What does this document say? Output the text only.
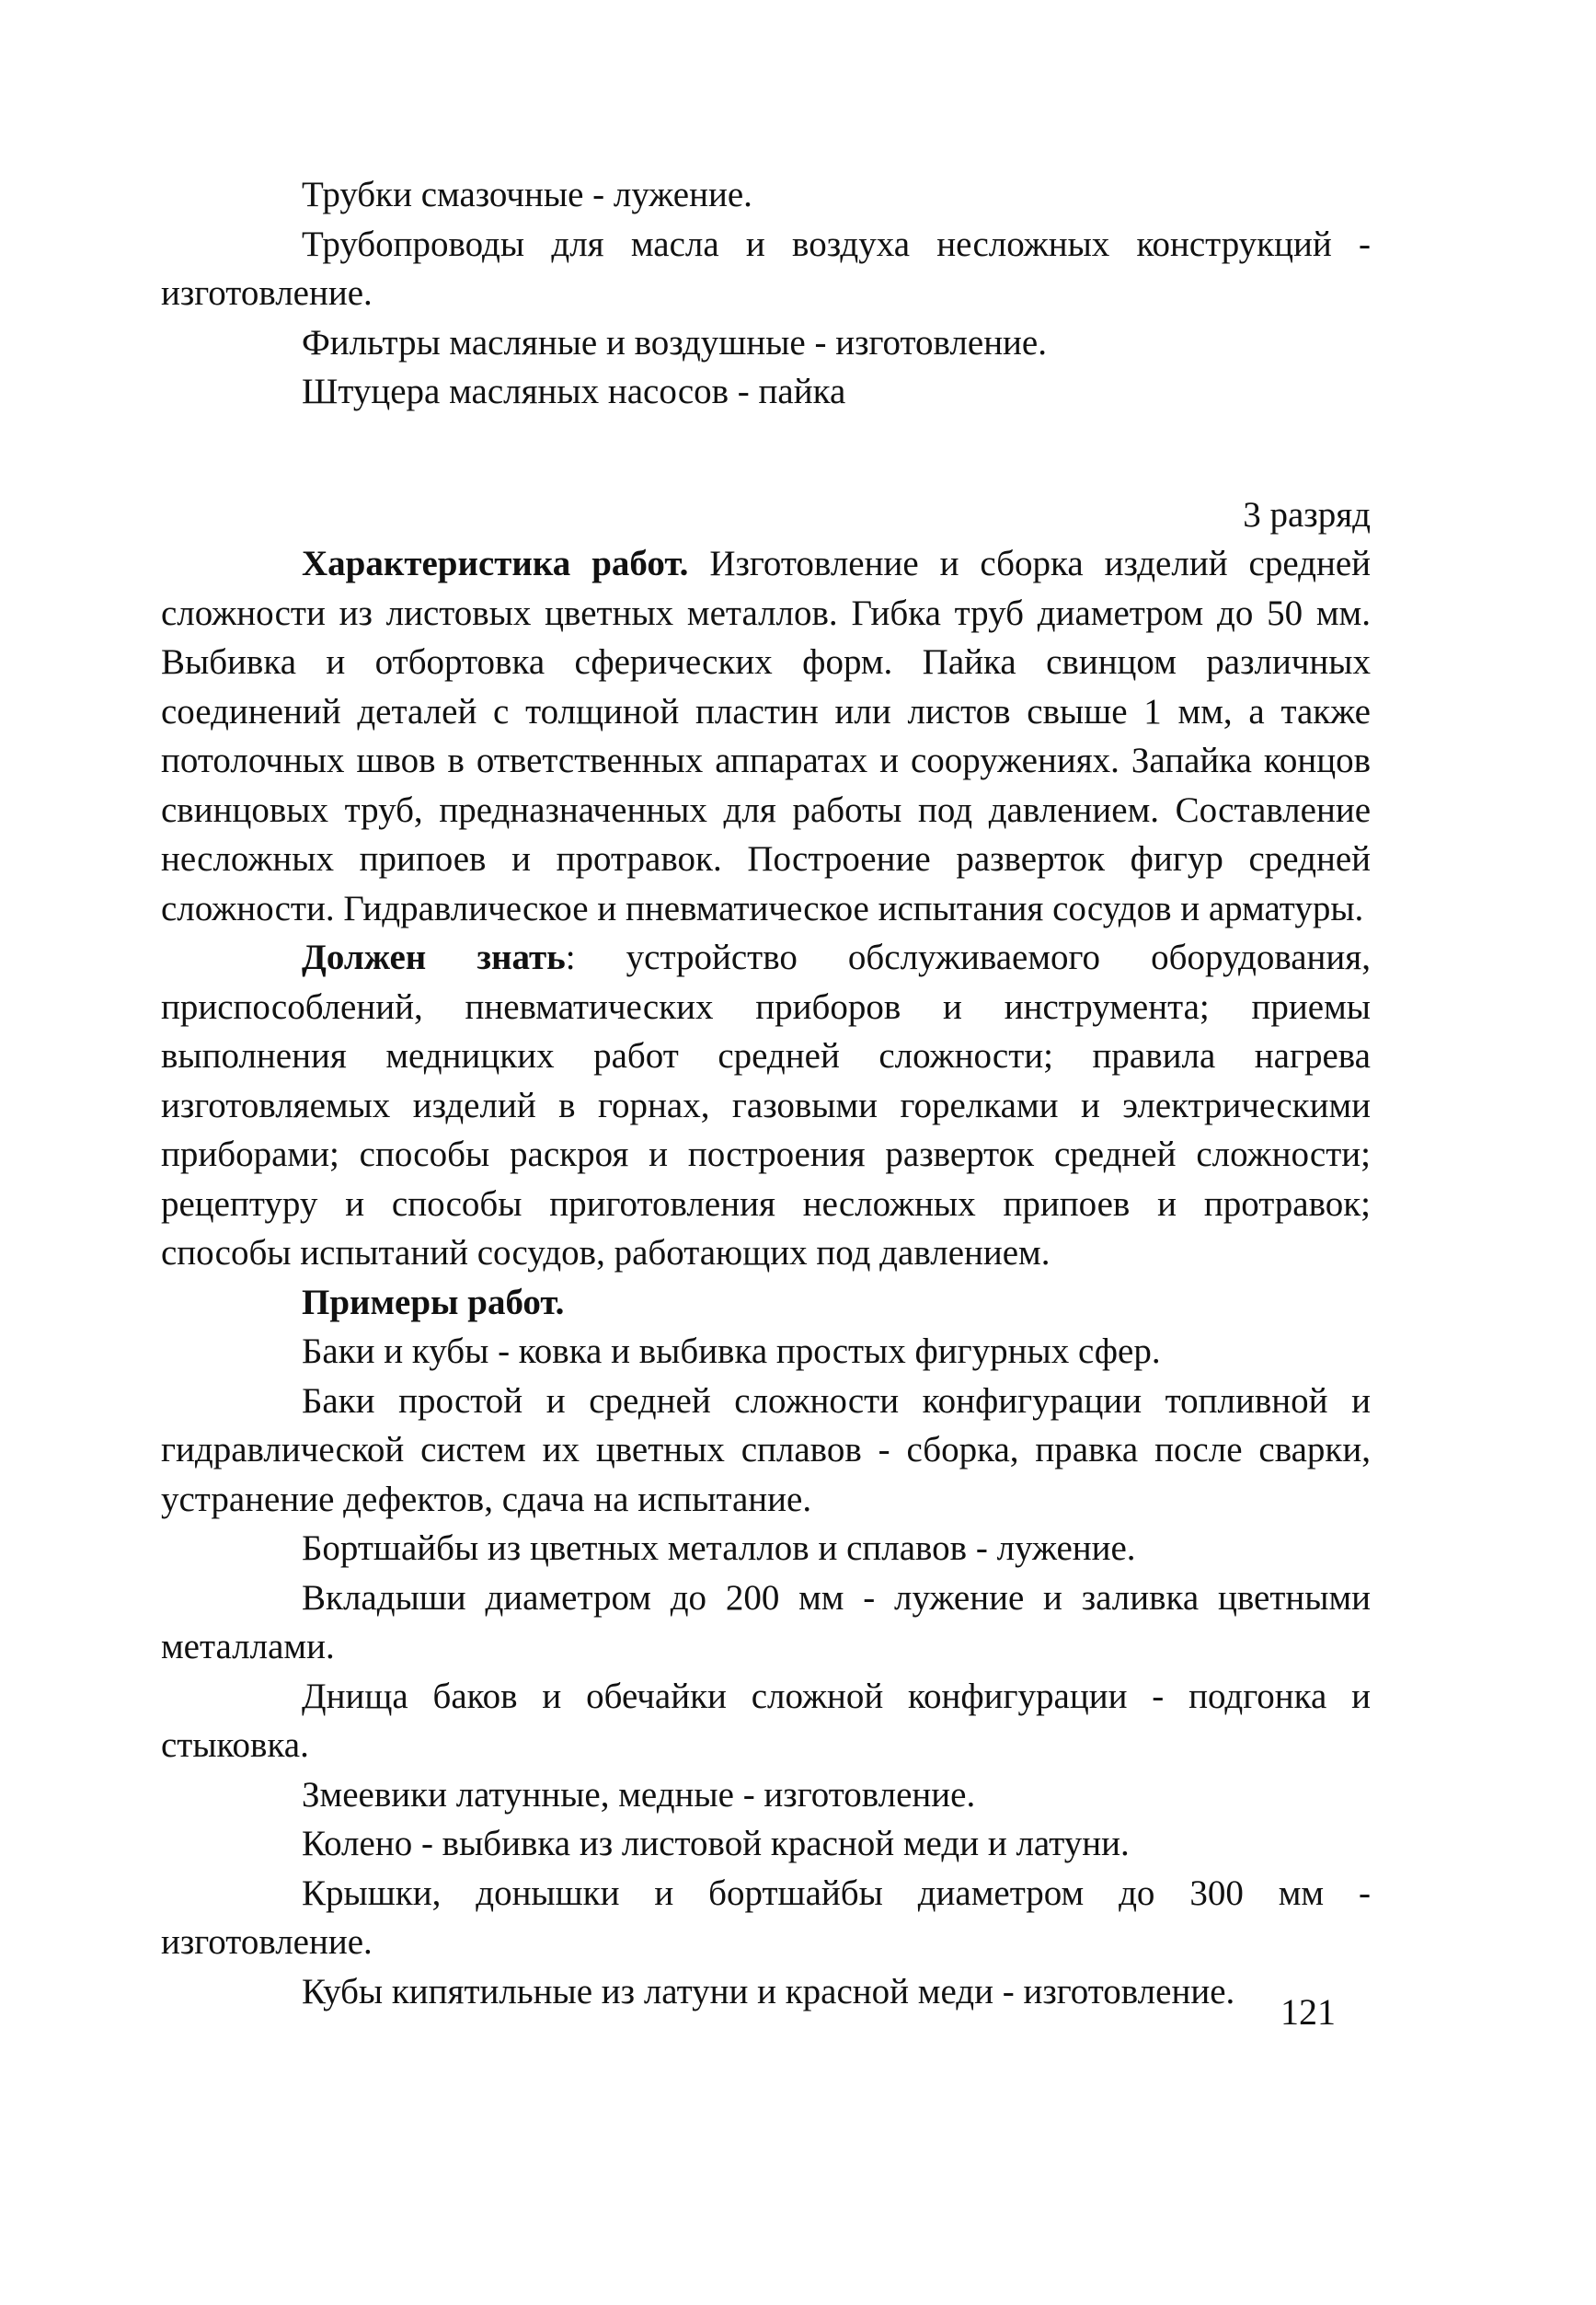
Трубки смазочные - лужение.

Трубопроводы для масла и воздуха несложных конструкций - изготовление.

Фильтры масляные и воздушные - изготовление.

Штуцера масляных насосов - пайка

3 разряд

Характеристика работ. Изготовление и сборка изделий средней сложности из листовых цветных металлов. Гибка труб диаметром до 50 мм. Выбивка и отбортовка сферических форм. Пайка свинцом различных соединений деталей с толщиной пластин или листов свыше 1 мм, а также потолочных швов в ответственных аппаратах и сооружениях. Запайка концов свинцовых труб, предназначенных для работы под давлением. Составление несложных припоев и протравок. Построение разверток фигур средней сложности. Гидравлическое и пневматическое испытания сосудов и арматуры.

Должен знать: устройство обслуживаемого оборудования, приспособлений, пневматических приборов и инструмента; приемы выполнения медницких работ средней сложности; правила нагрева изготовляемых изделий в горнах, газовыми горелками и электрическими приборами; способы раскроя и построения разверток средней сложности; рецептуру и способы приготовления несложных припоев и протравок; способы испытаний сосудов, работающих под давлением.

Примеры работ.

Баки и кубы - ковка и выбивка простых фигурных сфер.

Баки простой и средней сложности конфигурации топливной и гидравлической систем их цветных сплавов - сборка, правка после сварки, устранение дефектов, сдача на испытание.

Бортшайбы из цветных металлов и сплавов - лужение.

Вкладыши диаметром до 200 мм - лужение и заливка цветными металлами.

Днища баков и обечайки сложной конфигурации - подгонка и стыковка.

Змеевики латунные, медные - изготовление.

Колено - выбивка из листовой красной меди и латуни.

Крышки, донышки и бортшайбы диаметром до 300 мм - изготовление.

Кубы кипятильные из латуни и красной меди - изготовление.	121
